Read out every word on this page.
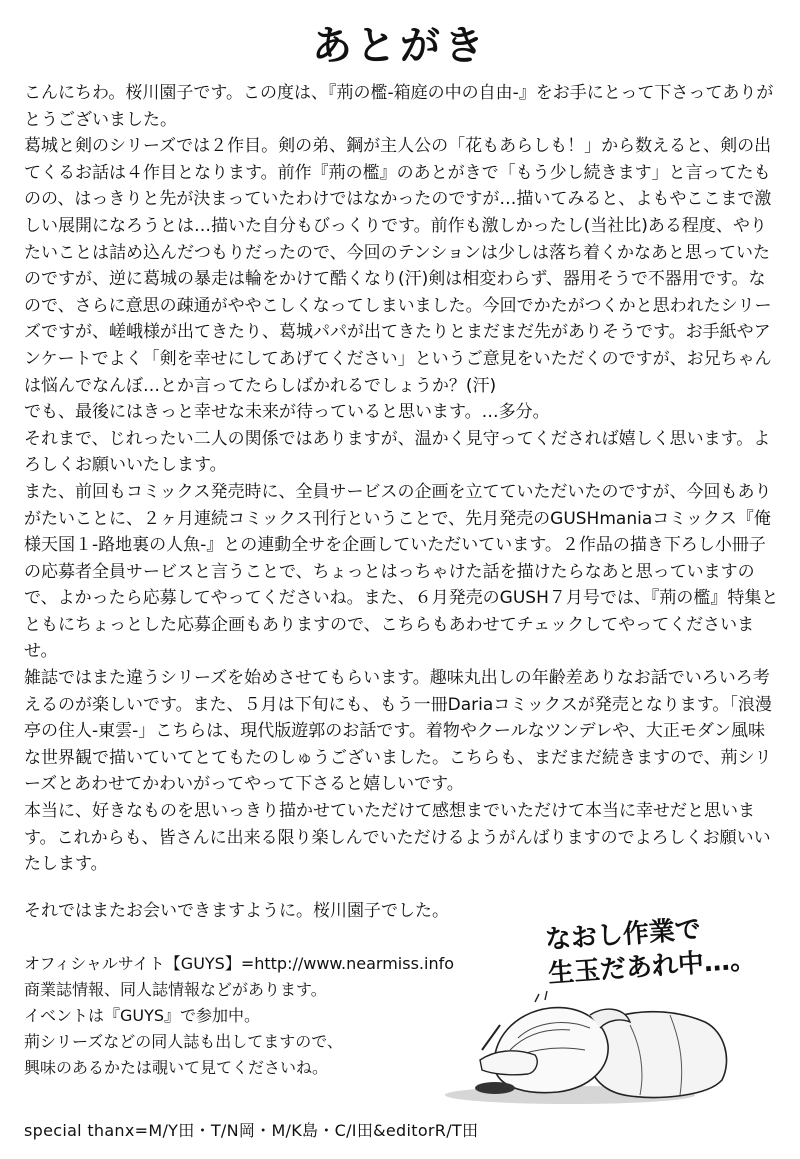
あとがき

こんにちわ。桜川園子です。この度は、『荊の檻-箱庭の中の自由-』をお手にとって下さってありがとうございました。

葛城と剣のシリーズでは２作目。剣の弟、鋼が主人公の「花もあらしも！」から数えると、剣の出てくるお話は４作目となります。前作『荊の檻』のあとがきで「もう少し続きます」と言ってたものの、はっきりと先が決まっていたわけではなかったのですが…描いてみると、よもやここまで激しい展開になろうとは…描いた自分もびっくりです。前作も激しかったし(当社比)ある程度、やりたいことは詰め込んだつもりだったので、今回のテンションは少しは落ち着くかなあと思っていたのですが、逆に葛城の暴走は輪をかけて酷くなり(汗)剣は相変わらず、器用そうで不器用です。なので、さらに意思の疎通がややこしくなってしまいました。今回でかたがつくかと思われたシリーズですが、嵯峨様が出てきたり、葛城パパが出てきたりとまだまだ先がありそうです。お手紙やアンケートでよく「剣を幸せにしてあげてください」というご意見をいただくのですが、お兄ちゃんは悩んでなんぼ…とか言ってたらしばかれるでしょうか？(汗)

でも、最後にはきっと幸せな未来が待っていると思います。…多分。

それまで、じれったい二人の関係ではありますが、温かく見守ってくだされば嬉しく思います。よろしくお願いいたします。

また、前回もコミックス発売時に、全員サービスの企画を立てていただいたのですが、今回もありがたいことに、２ヶ月連続コミックス刊行ということで、先月発売のGUSHmaniaコミックス『俺様天国１-路地裏の人魚-』との連動全サを企画していただいています。２作品の描き下ろし小冊子の応募者全員サービスと言うことで、ちょっとはっちゃけた話を描けたらなあと思っていますので、よかったら応募してやってくださいね。また、６月発売のGUSH７月号では、『荊の檻』特集とともにちょっとした応募企画もありますので、こちらもあわせてチェックしてやってくださいませ。

雑誌ではまた違うシリーズを始めさせてもらいます。趣味丸出しの年齢差ありなお話でいろいろ考えるのが楽しいです。また、５月は下旬にも、もう一冊Dariaコミックスが発売となります。「浪漫亭の住人-東雲-」こちらは、現代版遊郭のお話です。着物やクールなツンデレや、大正モダン風味な世界観で描いていてとてもたのしゅうございました。こちらも、まだまだ続きますので、荊シリーズとあわせてかわいがってやって下さると嬉しいです。

本当に、好きなものを思いっきり描かせていただけて感想までいただけて本当に幸せだと思います。これからも、皆さんに出来る限り楽しんでいただけるようがんばりますのでよろしくお願いいたします。

それではまたお会いできますように。桜川園子でした。

オフィシャルサイト【GUYS】=http://www.nearmiss.info

商業誌情報、同人誌情報などがあります。

イベントは『GUYS』で参加中。

荊シリーズなどの同人誌も出してますので、

興味のあるかたは覗いて見てくださいね。

なおし作業で
生玉だあれ中…。
special thanx=M/Y田・T/N岡・M/K島・C/I田&editorR/T田
